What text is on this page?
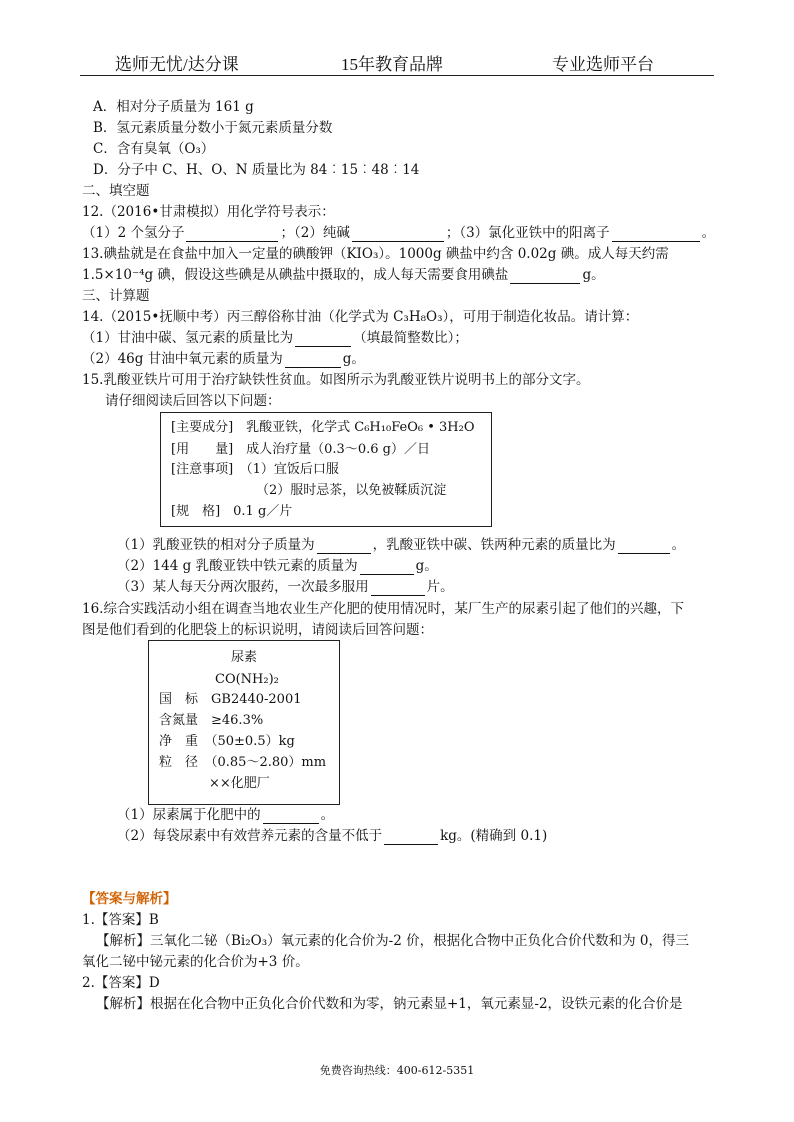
选师无忧/达分课	15年教育品牌	专业选师平台
A．相对分子质量为 161 g
B．氢元素质量分数小于氮元素质量分数
C．含有臭氧（O₃）
D．分子中 C、H、O、N 质量比为 84︰15︰48︰14
二、填空题
12.（2016•甘肃模拟）用化学符号表示：
（1）2 个氢分子	；（2）纯碱	；（3）氯化亚铁中的阳离子	。
13.碘盐就是在食盐中加入一定量的碘酸钾（KIO₃）。1000g 碘盐中约含 0.02g 碘。成人每天约需
1.5×10⁻⁴g 碘，假设这些碘是从碘盐中摄取的，成人每天需要食用碘盐	g。
三、计算题
14.（2015•抚顺中考）丙三醇俗称甘油（化学式为 C₃H₈O₃），可用于制造化妆品。请计算：
（1）甘油中碳、氢元素的质量比为	（填最简整数比）；
（2）46g 甘油中氧元素的质量为	g。
15.乳酸亚铁片可用于治疗缺铁性贫血。如图所示为乳酸亚铁片说明书上的部分文字。
请仔细阅读后回答以下问题：
[主要成分]　乳酸亚铁，化学式 C₆H₁₀FeO₆ • 3H₂O
[用　　量]　成人治疗量（0.3～0.6 g）／日
[注意事项]　（1）宜饭后口服
（2）服时忌茶，以免被鞣质沉淀
[规　格]　0.1 g／片
（1）乳酸亚铁的相对分子质量为	，乳酸亚铁中碳、铁两种元素的质量比为	。
（2）144 g 乳酸亚铁中铁元素的质量为	g。
（3）某人每天分两次服药，一次最多服用	片。
16.综合实践活动小组在调查当地农业生产化肥的使用情况时，某厂生产的尿素引起了他们的兴趣，下
图是他们看到的化肥袋上的标识说明，请阅读后回答问题：
尿素
CO(NH₂)₂
国　标　GB2440-2001
含氮量　≥46.3%
净　重　（50±0.5）kg
粒　径　（0.85～2.80）mm
××化肥厂
（1）尿素属于化肥中的	。
（2）每袋尿素中有效营养元素的含量不低于	kg。(精确到 0.1)
【答案与解析】
1.【答案】B
【解析】三氧化二铋（Bi₂O₃）氧元素的化合价为-2 价，根据化合物中正负化合价代数和为 0，得三
氧化二铋中铋元素的化合价为+3 价。
2.【答案】D
【解析】根据在化合物中正负化合价代数和为零，钠元素显+1，氧元素显-2，设铁元素的化合价是
免费咨询热线：400-612-5351
